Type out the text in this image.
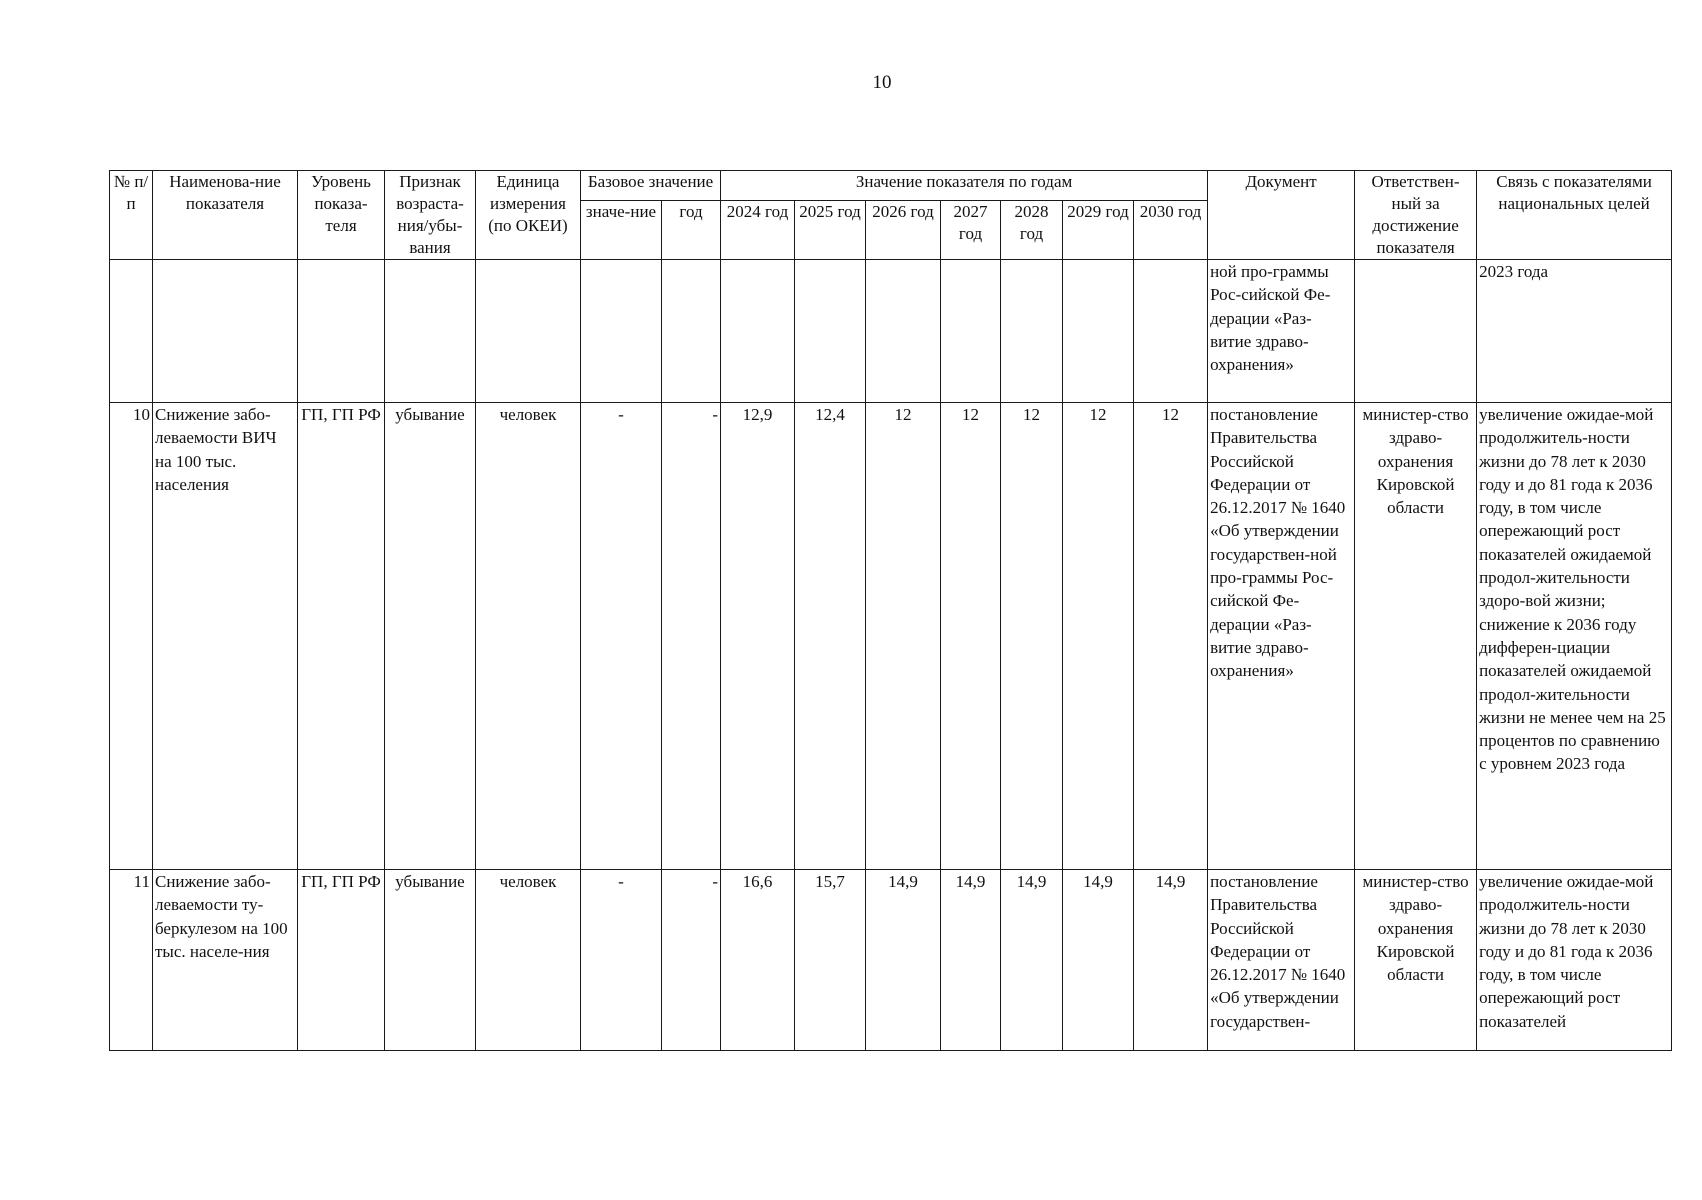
10
№ п/п	Наименова-ние показателя	Уровень показа-теля	Признак возраста-ния/убы-вания	Единица измерения (по ОКЕИ)	Базовое значение		Значение показателя по годам							Документ	Ответствен-ный за достижение показателя	Связь с показателями национальных целей
					значе-ние	год	2024 год	2025 год	2026 год	2027 год	2028 год	2029 год	2030 год			
														ной про-граммы Рос-сийской Фе-дерации «Раз-витие здраво-охранения»		2023 года
10	Снижение забо-леваемости ВИЧ на 100 тыс. населения	ГП, ГП РФ	убывание	человек	-	-	12,9	12,4	12	12	12	12	12	постановление Правительства Российской Федерации от 26.12.2017 № 1640 «Об утверждении государствен-ной про-граммы Рос-сийской Фе-дерации «Раз-витие здраво-охранения»	министер-ство здраво-охранения Кировской области	увеличение ожидае-мой продолжитель-ности жизни до 78 лет к 2030 году и до 81 года к 2036 году, в том числе опережающий рост показателей ожидаемой продол-жительности здоро-вой жизни; снижение к 2036 году дифферен-циации показателей ожидаемой продол-жительности жизни не менее чем на 25 процентов по сравнению с уровнем 2023 года
11	Снижение забо-леваемости ту-беркулезом на 100 тыс. населе-ния	ГП, ГП РФ	убывание	человек	-	-	16,6	15,7	14,9	14,9	14,9	14,9	14,9	постановление Правительства Российской Федерации от 26.12.2017 № 1640 «Об утверждении государствен-	министер-ство здраво-охранения Кировской области	увеличение ожидае-мой продолжитель-ности жизни до 78 лет к 2030 году и до 81 года к 2036 году, в том числе опережающий рост показателей
